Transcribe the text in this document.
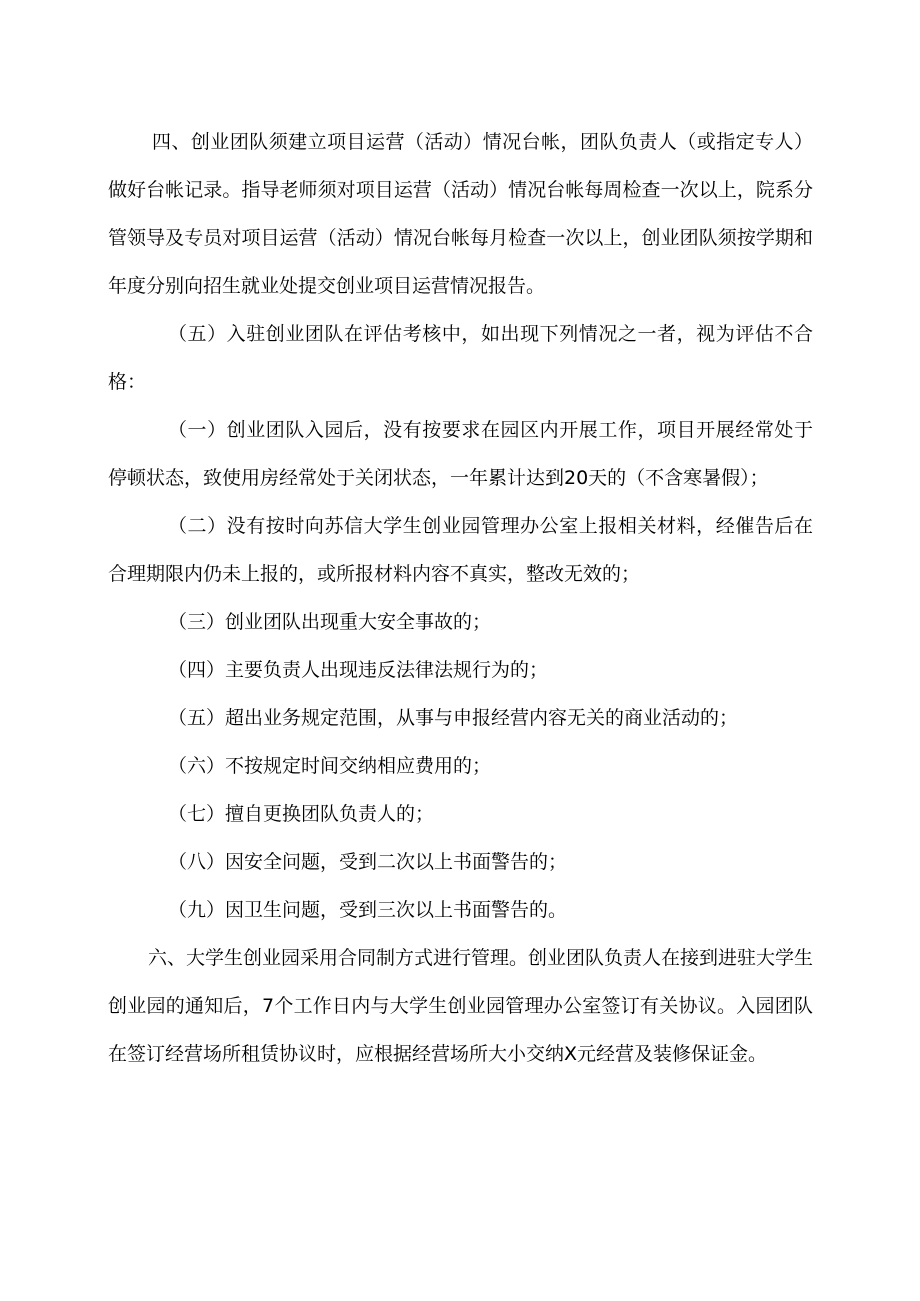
四、创业团队须建立项目运营（活动）情况台帐，团队负责人（或指定专人）做好台帐记录。指导老师须对项目运营（活动）情况台帐每周检查一次以上，院系分管领导及专员对项目运营（活动）情况台帐每月检查一次以上，创业团队须按学期和年度分别向招生就业处提交创业项目运营情况报告。

（五）入驻创业团队在评估考核中，如出现下列情况之一者，视为评估不合格：

（一）创业团队入园后，没有按要求在园区内开展工作，项目开展经常处于停顿状态，致使用房经常处于关闭状态，一年累计达到20天的（不含寒暑假）；

（二）没有按时向苏信大学生创业园管理办公室上报相关材料，经催告后在合理期限内仍未上报的，或所报材料内容不真实，整改无效的；

（三）创业团队出现重大安全事故的；

（四）主要负责人出现违反法律法规行为的；

（五）超出业务规定范围，从事与申报经营内容无关的商业活动的；

（六）不按规定时间交纳相应费用的；

（七）擅自更换团队负责人的；

（八）因安全问题，受到二次以上书面警告的；

（九）因卫生问题，受到三次以上书面警告的。

六、大学生创业园采用合同制方式进行管理。创业团队负责人在接到进驻大学生创业园的通知后，7个工作日内与大学生创业园管理办公室签订有关协议。入园团队在签订经营场所租赁协议时，应根据经营场所大小交纳X元经营及装修保证金。
